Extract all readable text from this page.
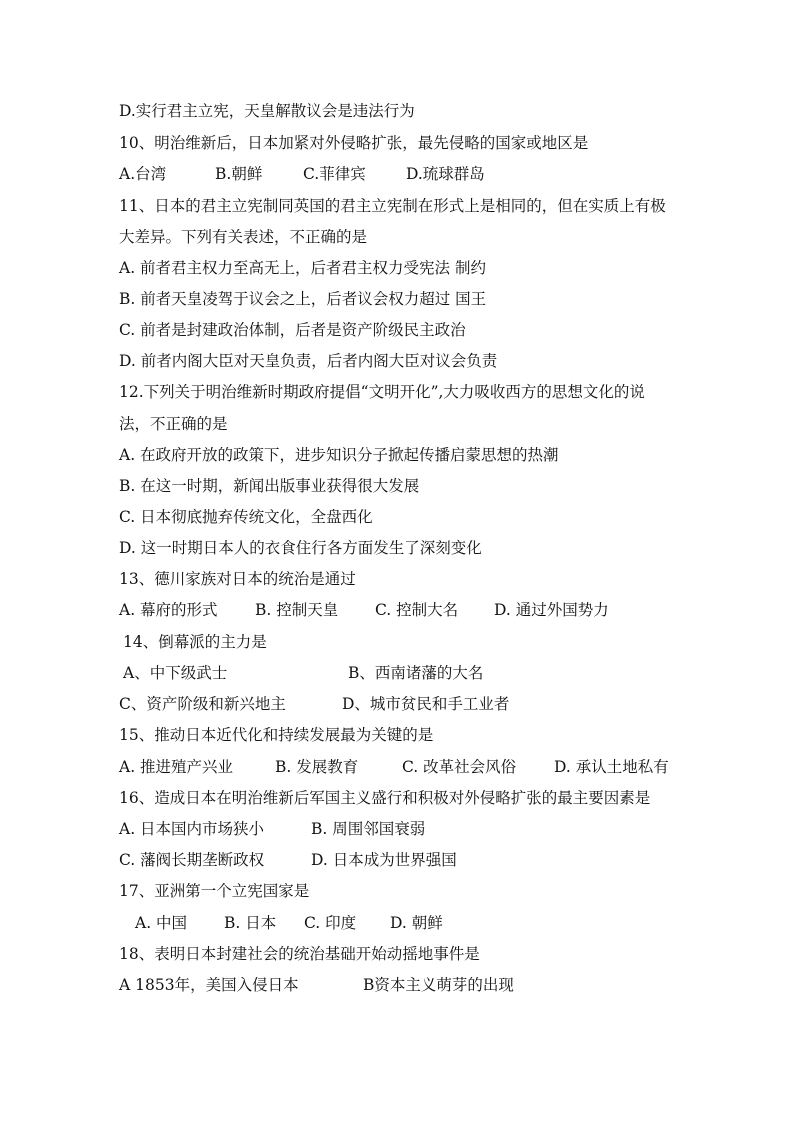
D.实行君主立宪，天皇解散议会是违法行为
10、明治维新后，日本加紧对外侵略扩张，最先侵略的国家或地区是
A.台湾	B.朝鲜	C.菲律宾	D.琉球群岛
11、日本的君主立宪制同英国的君主立宪制在形式上是相同的，但在实质上有极
大差异。下列有关表述，不正确的是
A. 前者君主权力至高无上，后者君主权力受宪法 制约
B. 前者天皇凌驾于议会之上，后者议会权力超过 国王
C. 前者是封建政治体制，后者是资产阶级民主政治
D. 前者内阁大臣对天皇负责，后者内阁大臣对议会负责
12.下列关于明治维新时期政府提倡“文明开化”,大力吸收西方的思想文化的说
法，不正确的是
A. 在政府开放的政策下，进步知识分子掀起传播启蒙思想的热潮
B. 在这一时期，新闻出版事业获得很大发展
C. 日本彻底抛弃传统文化，全盘西化
D. 这一时期日本人的衣食住行各方面发生了深刻变化
13、德川家族对日本的统治是通过
A. 幕府的形式 B. 控制天皇 C. 控制大名 D. 通过外国势力
14、倒幕派的主力是
A、中下级武士	B、西南诸藩的大名
C、资产阶级和新兴地主	D、城市贫民和手工业者
15、推动日本近代化和持续发展最为关键的是
A. 推进殖产兴业	B. 发展教育	C. 改革社会风俗 D. 承认土地私有
16、造成日本在明治维新后军国主义盛行和积极对外侵略扩张的最主要因素是
A. 日本国内市场狭小	B. 周围邻国衰弱
C. 藩阀长期垄断政权	D. 日本成为世界强国
17、亚洲第一个立宪国家是
A. 中国 B. 日本 C. 印度 D. 朝鲜
18、表明日本封建社会的统治基础开始动摇地事件是
A 1853年，美国入侵日本	B资本主义萌芽的出现
